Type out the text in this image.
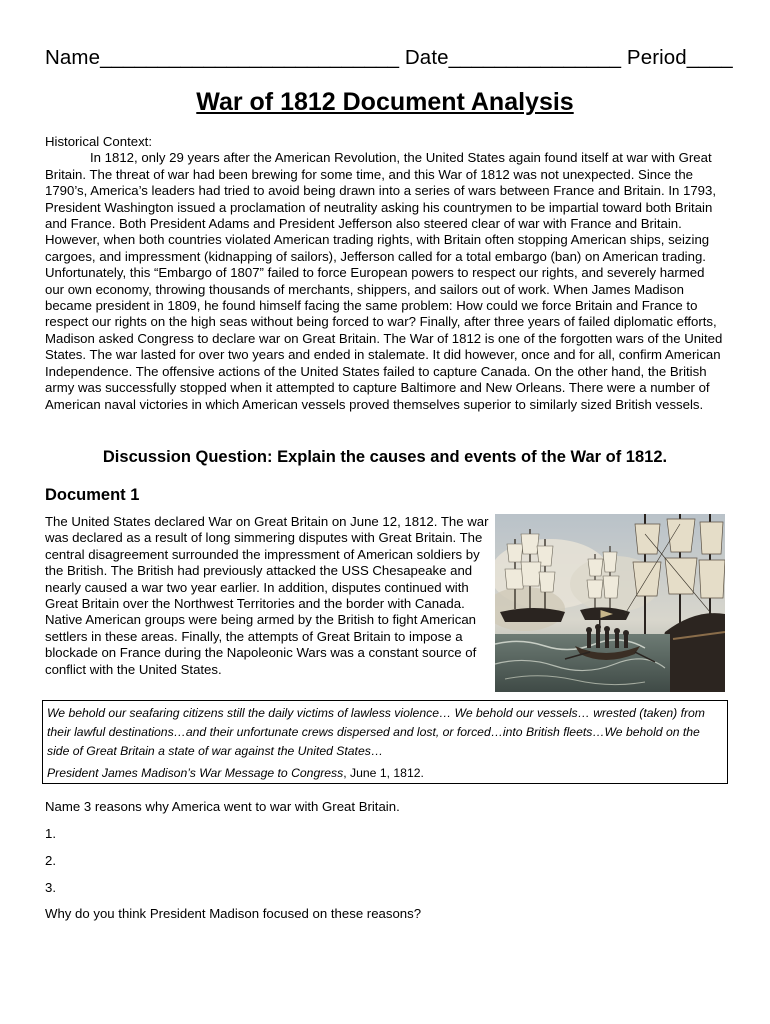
Name__________________________ Date_______________ Period____
War of 1812 Document Analysis
Historical Context:
In 1812, only 29 years after the American Revolution, the United States again found itself at war with Great Britain. The threat of war had been brewing for some time, and this War of 1812 was not unexpected. Since the 1790’s, America’s leaders had tried to avoid being drawn into a series of wars between France and Britain. In 1793, President Washington issued a proclamation of neutrality asking his countrymen to be impartial toward both Britain and France. Both President Adams and President Jefferson also steered clear of war with France and Britain. However, when both countries violated American trading rights, with Britain often stopping American ships, seizing cargoes, and impressment (kidnapping of sailors), Jefferson called for a total embargo (ban) on American trading. Unfortunately, this “Embargo of 1807” failed to force European powers to respect our rights, and severely harmed our own economy, throwing thousands of merchants, shippers, and sailors out of work. When James Madison became president in 1809, he found himself facing the same problem: How could we force Britain and France to respect our rights on the high seas without being forced to war? Finally, after three years of failed diplomatic efforts, Madison asked Congress to declare war on Great Britain. The War of 1812 is one of the forgotten wars of the United States. The war lasted for over two years and ended in stalemate. It did however, once and for all, confirm American Independence. The offensive actions of the United States failed to capture Canada. On the other hand, the British army was successfully stopped when it attempted to capture Baltimore and New Orleans. There were a number of American naval victories in which American vessels proved themselves superior to similarly sized British vessels.
Discussion Question: Explain the causes and events of the War of 1812.
Document 1
The United States declared War on Great Britain on June 12, 1812. The war was declared as a result of long simmering disputes with Great Britain. The central disagreement surrounded the impressment of American soldiers by the British. The British had previously attacked the USS Chesapeake and nearly caused a war two year earlier. In addition, disputes continued with Great Britain over the Northwest Territories and the border with Canada. Native American groups were being armed by the British to fight American settlers in these areas. Finally, the attempts of Great Britain to impose a blockade on France during the Napoleonic Wars was a constant source of conflict with the United States.
We behold our seafaring citizens still the daily victims of lawless violence… We behold our vessels… wrested (taken) from their lawful destinations…and their unfortunate crews dispersed and lost, or forced…into British fleets…We behold on the side of Great Britain a state of war against the United States…
President James Madison’s War Message to Congress, June 1, 1812.
Name 3 reasons why America went to war with Great Britain.
1.
2.
3.
Why do you think President Madison focused on these reasons?
